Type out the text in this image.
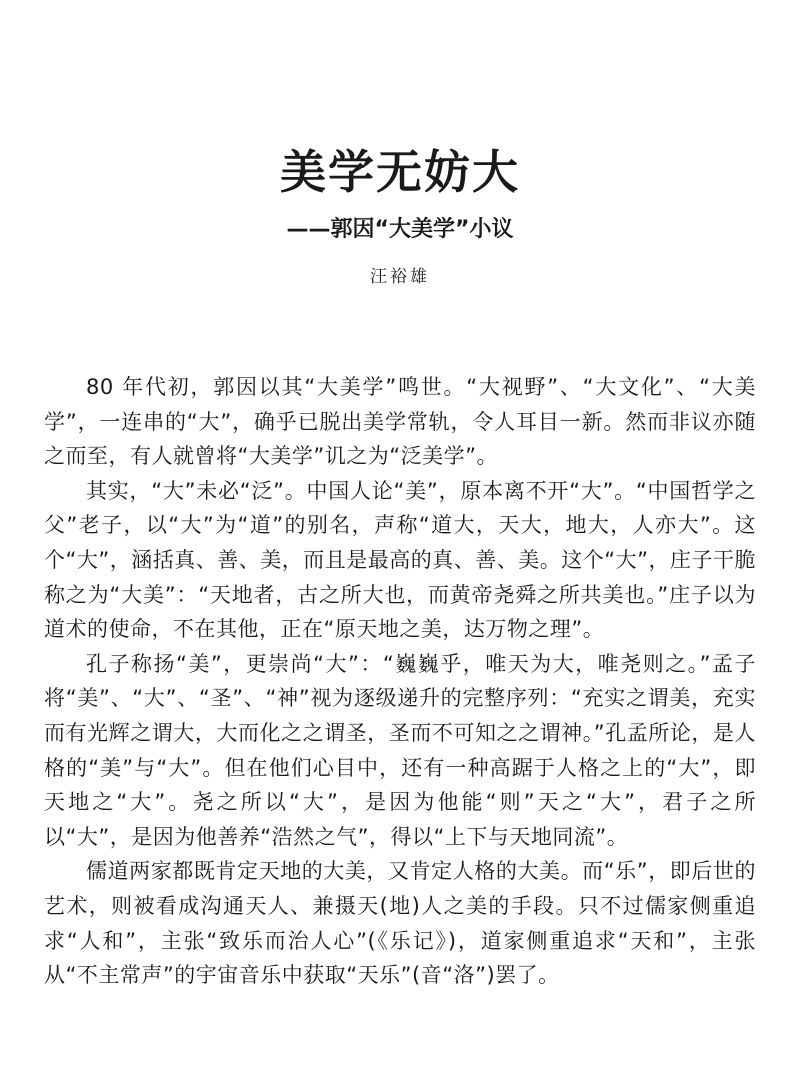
美学无妨大
——郭因“大美学”小议
汪裕雄

80 年代初，郭因以其“大美学”鸣世。“大视野”、“大文化”、“大美学”，一连串的“大”，确乎已脱出美学常轨，令人耳目一新。然而非议亦随之而至，有人就曾将“大美学”讥之为“泛美学”。

其实，“大”未必“泛”。中国人论“美”，原本离不开“大”。“中国哲学之父”老子，以“大”为“道”的别名，声称“道大，天大，地大，人亦大”。这个“大”，涵括真、善、美，而且是最高的真、善、美。这个“大”，庄子干脆称之为“大美”：“天地者，古之所大也，而黄帝尧舜之所共美也。”庄子以为道术的使命，不在其他，正在“原天地之美，达万物之理”。

孔子称扬“美”，更崇尚“大”：“巍巍乎，唯天为大，唯尧则之。”孟子将“美”、“大”、“圣”、“神”视为逐级递升的完整序列：“充实之谓美，充实而有光辉之谓大，大而化之之谓圣，圣而不可知之之谓神。”孔孟所论，是人格的“美”与“大”。但在他们心目中，还有一种高踞于人格之上的“大”，即天地之“大”。尧之所以“大”，是因为他能“则”天之“大”，君子之所以“大”，是因为他善养“浩然之气”，得以“上下与天地同流”。

儒道两家都既肯定天地的大美，又肯定人格的大美。而“乐”，即后世的艺术，则被看成沟通天人、兼摄天(地)人之美的手段。只不过儒家侧重追求“人和”，主张“致乐而治人心”(《乐记》)，道家侧重追求“天和”，主张从“不主常声”的宇宙音乐中获取“天乐”(音“洛”)罢了。
